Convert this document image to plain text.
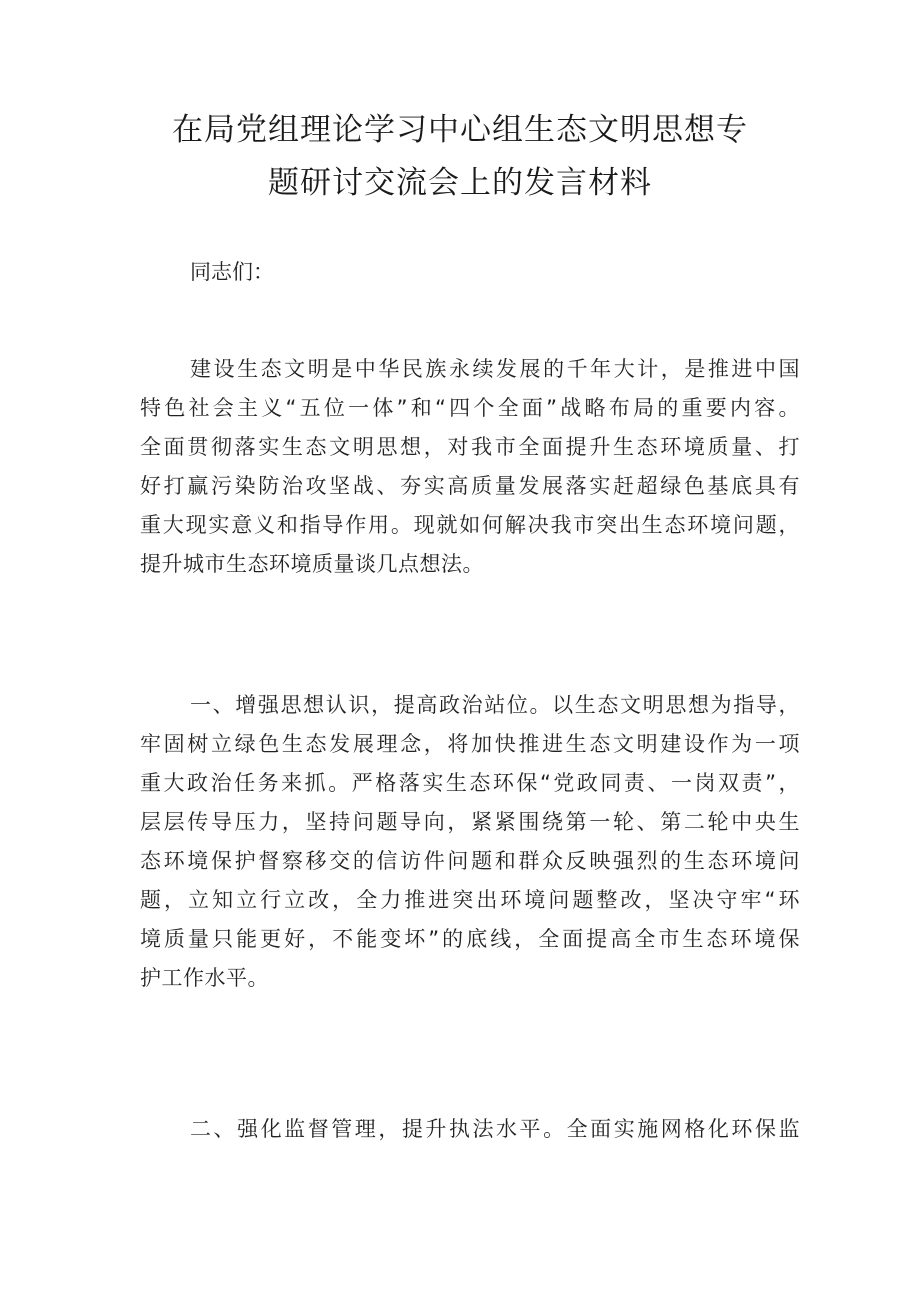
在局党组理论学习中心组生态文明思想专
题研讨交流会上的发言材料

同志们：

建设生态文明是中华民族永续发展的千年大计，是推进中国
特色社会主义“五位一体”和“四个全面”战略布局的重要内容。
全面贯彻落实生态文明思想，对我市全面提升生态环境质量、打
好打赢污染防治攻坚战、夯实高质量发展落实赶超绿色基底具有
重大现实意义和指导作用。现就如何解决我市突出生态环境问题，
提升城市生态环境质量谈几点想法。
一、增强思想认识，提高政治站位。以生态文明思想为指导，
牢固树立绿色生态发展理念，将加快推进生态文明建设作为一项
重大政治任务来抓。严格落实生态环保“党政同责、一岗双责”，
层层传导压力，坚持问题导向，紧紧围绕第一轮、第二轮中央生
态环境保护督察移交的信访件问题和群众反映强烈的生态环境问
题，立知立行立改，全力推进突出环境问题整改，坚决守牢“环
境质量只能更好，不能变坏”的底线，全面提高全市生态环境保
护工作水平。
二、强化监督管理，提升执法水平。全面实施网格化环保监
